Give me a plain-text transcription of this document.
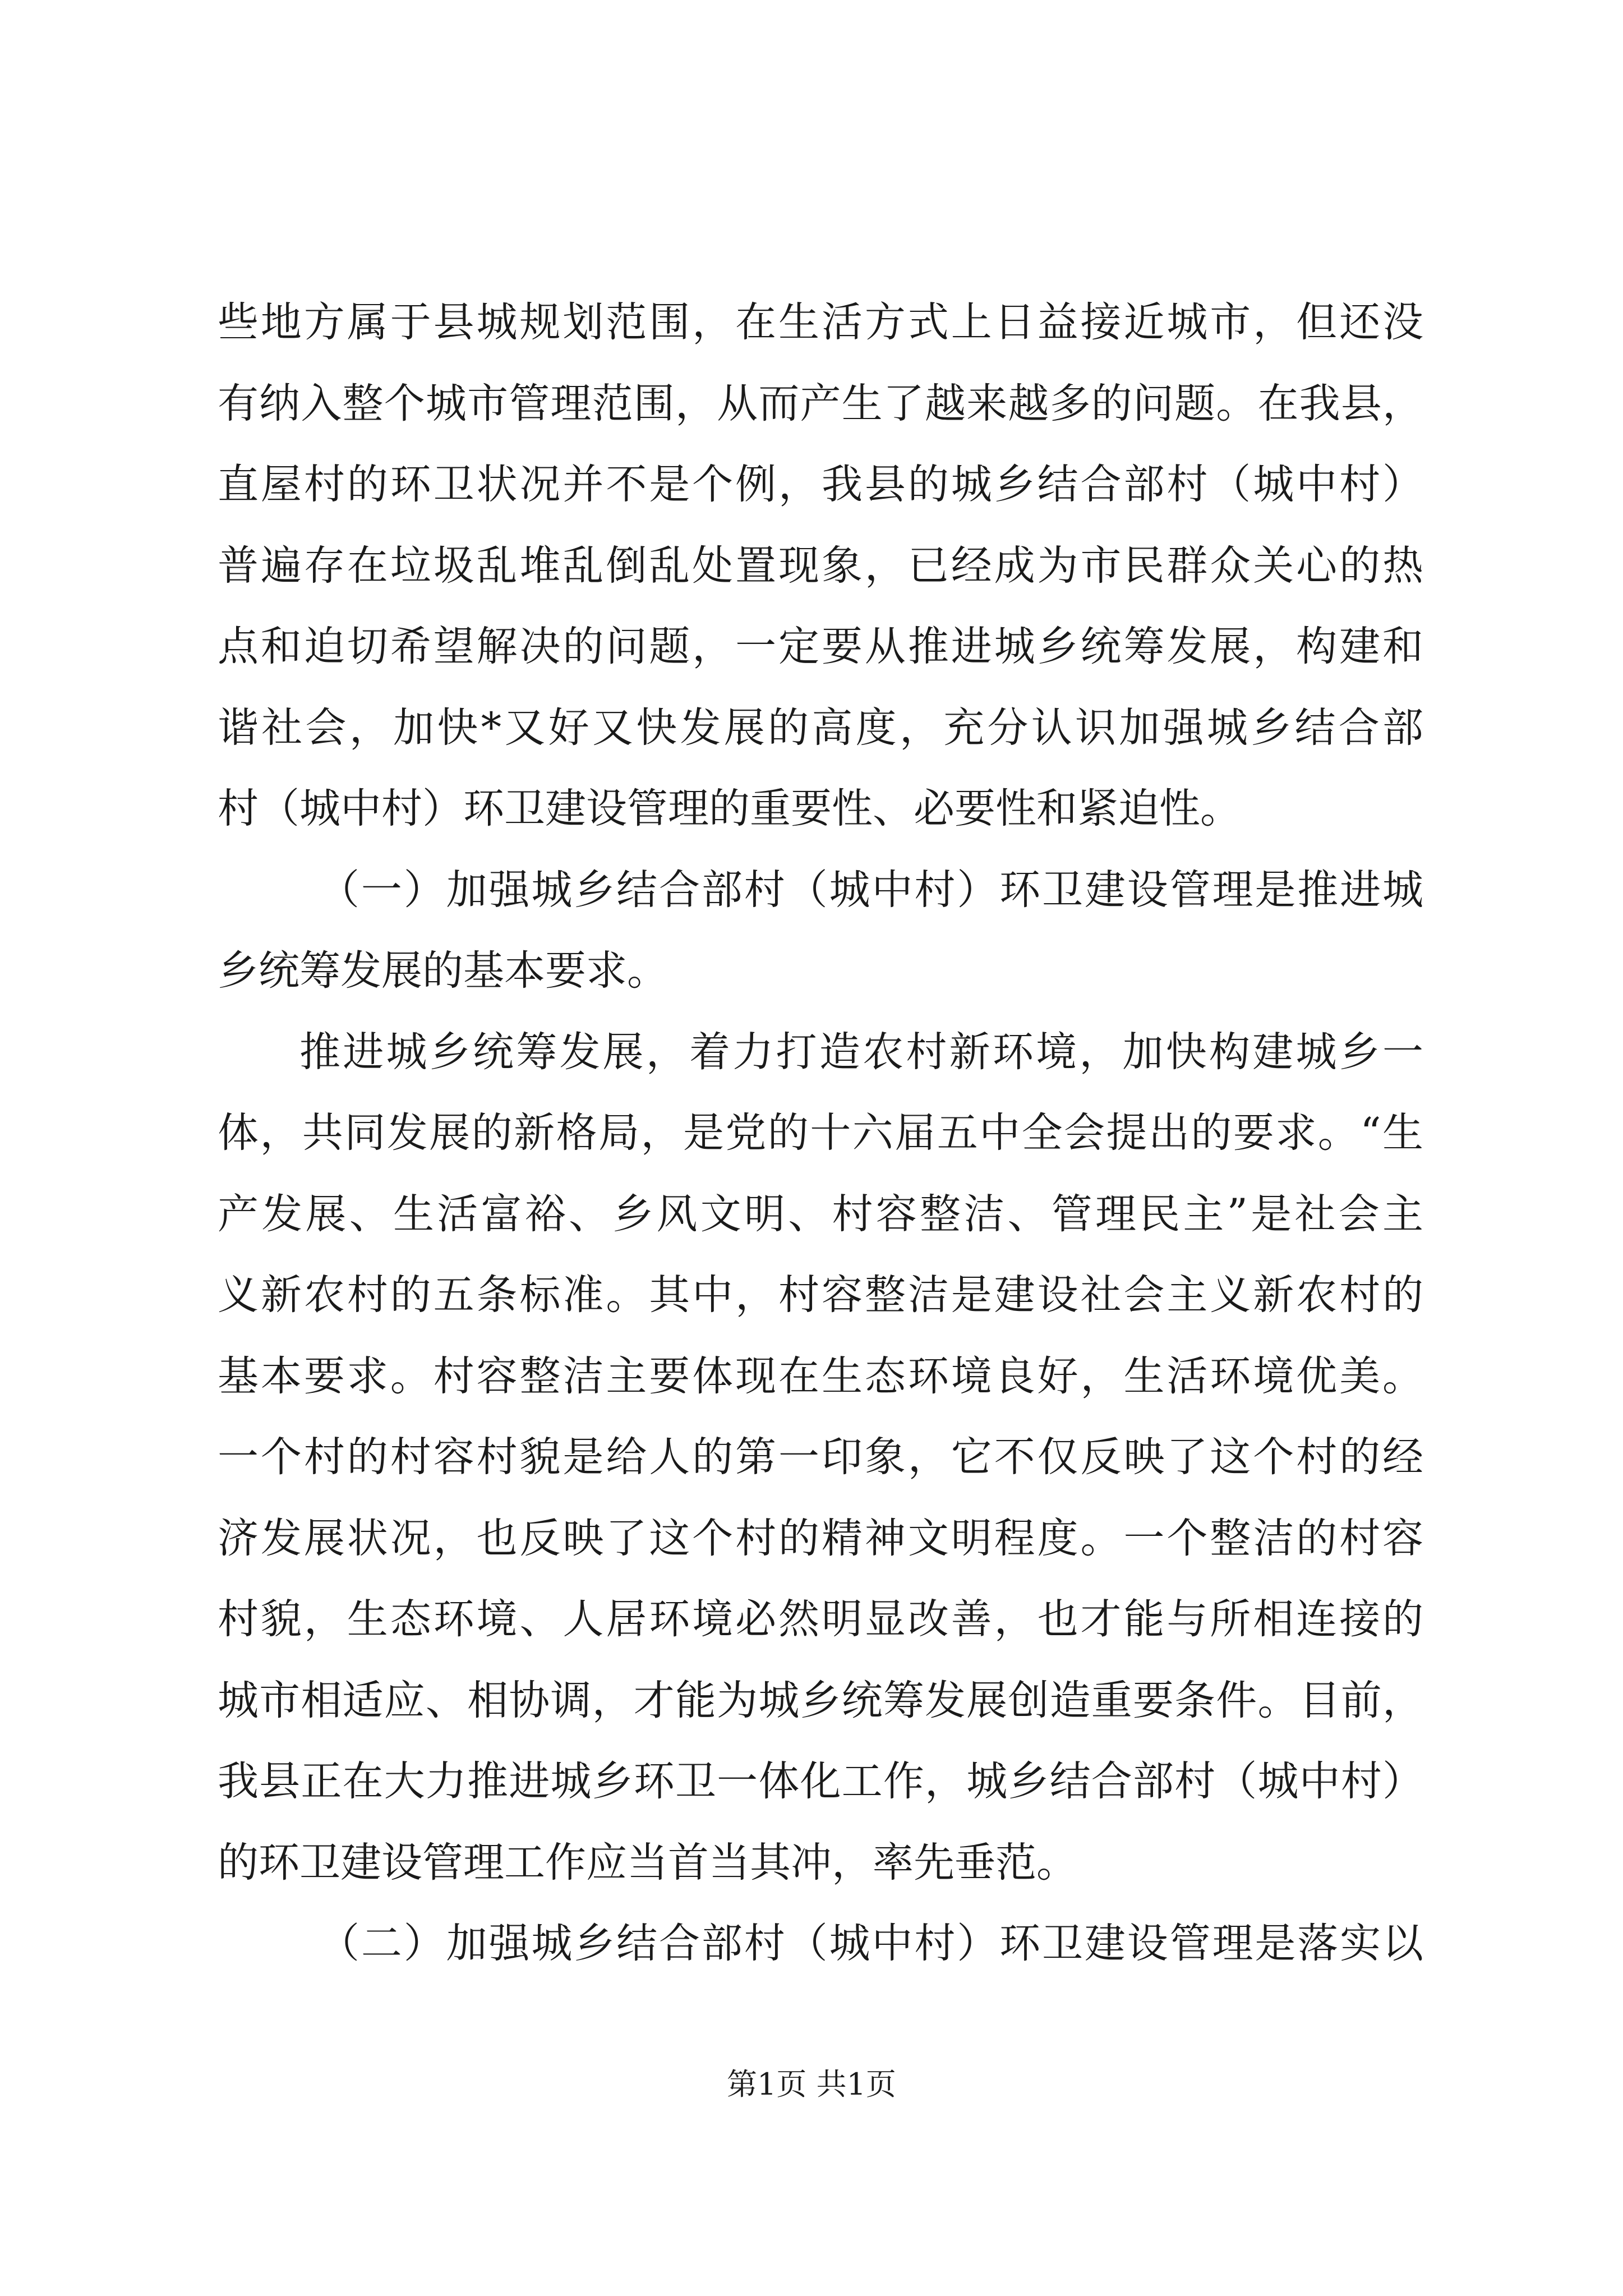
些地方属于县城规划范围，在生活方式上日益接近城市，但还没

有纳入整个城市管理范围，从而产生了越来越多的问题。在我县，

直屋村的环卫状况并不是个例，我县的城乡结合部村（城中村）

普遍存在垃圾乱堆乱倒乱处置现象，已经成为市民群众关心的热

点和迫切希望解决的问题，一定要从推进城乡统筹发展，构建和

谐社会，加快*又好又快发展的高度，充分认识加强城乡结合部

村（城中村）环卫建设管理的重要性、必要性和紧迫性。

（一）加强城乡结合部村（城中村）环卫建设管理是推进城

乡统筹发展的基本要求。

推进城乡统筹发展，着力打造农村新环境，加快构建城乡一

体，共同发展的新格局，是党的十六届五中全会提出的要求。“生

产发展、生活富裕、乡风文明、村容整洁、管理民主”是社会主

义新农村的五条标准。其中，村容整洁是建设社会主义新农村的

基本要求。村容整洁主要体现在生态环境良好，生活环境优美。

一个村的村容村貌是给人的第一印象，它不仅反映了这个村的经

济发展状况，也反映了这个村的精神文明程度。一个整洁的村容

村貌，生态环境、人居环境必然明显改善，也才能与所相连接的

城市相适应、相协调，才能为城乡统筹发展创造重要条件。目前，

我县正在大力推进城乡环卫一体化工作，城乡结合部村（城中村）

的环卫建设管理工作应当首当其冲，率先垂范。

（二）加强城乡结合部村（城中村）环卫建设管理是落实以

第1页 共1页
